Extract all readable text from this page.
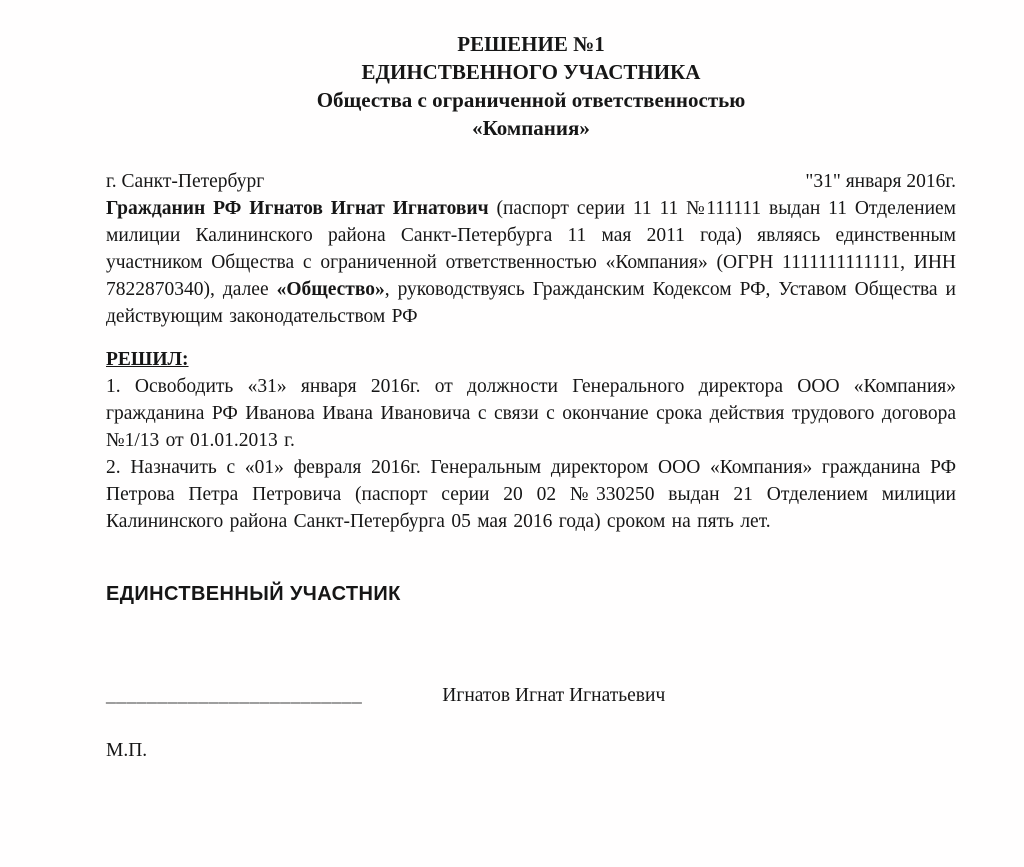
РЕШЕНИЕ №1
ЕДИНСТВЕННОГО УЧАСТНИКА
Общества с ограниченной ответственностью
«Компания»
г. Санкт-Петербург	"31" января 2016г.

Гражданин РФ Игнатов Игнат Игнатович (паспорт серии 11 11 №111111 выдан 11 Отделением милиции Калининского района Санкт-Петербурга 11 мая 2011 года) являясь единственным участником Общества с ограниченной ответственностью «Компания» (ОГРН 1111111111111, ИНН 7822870340), далее «Общество», руководствуясь Гражданским Кодексом РФ, Уставом Общества и действующим законодательством РФ

РЕШИЛ:

1. Освободить «31» января 2016г. от должности Генерального директора ООО «Компания» гражданина РФ Иванова Ивана Ивановича с связи с окончание срока действия трудового договора №1/13 от 01.01.2013 г.

2. Назначить с «01» февраля 2016г. Генеральным директором ООО «Компания» гражданина РФ Петрова Петра Петровича (паспорт серии 20 02 №330250 выдан 21 Отделением милиции Калининского района Санкт-Петербурга 05 мая 2016 года) сроком на пять лет.

ЕДИНСТВЕННЫЙ УЧАСТНИК
_________________________	Игнатов Игнат Игнатьевич
М.П.
